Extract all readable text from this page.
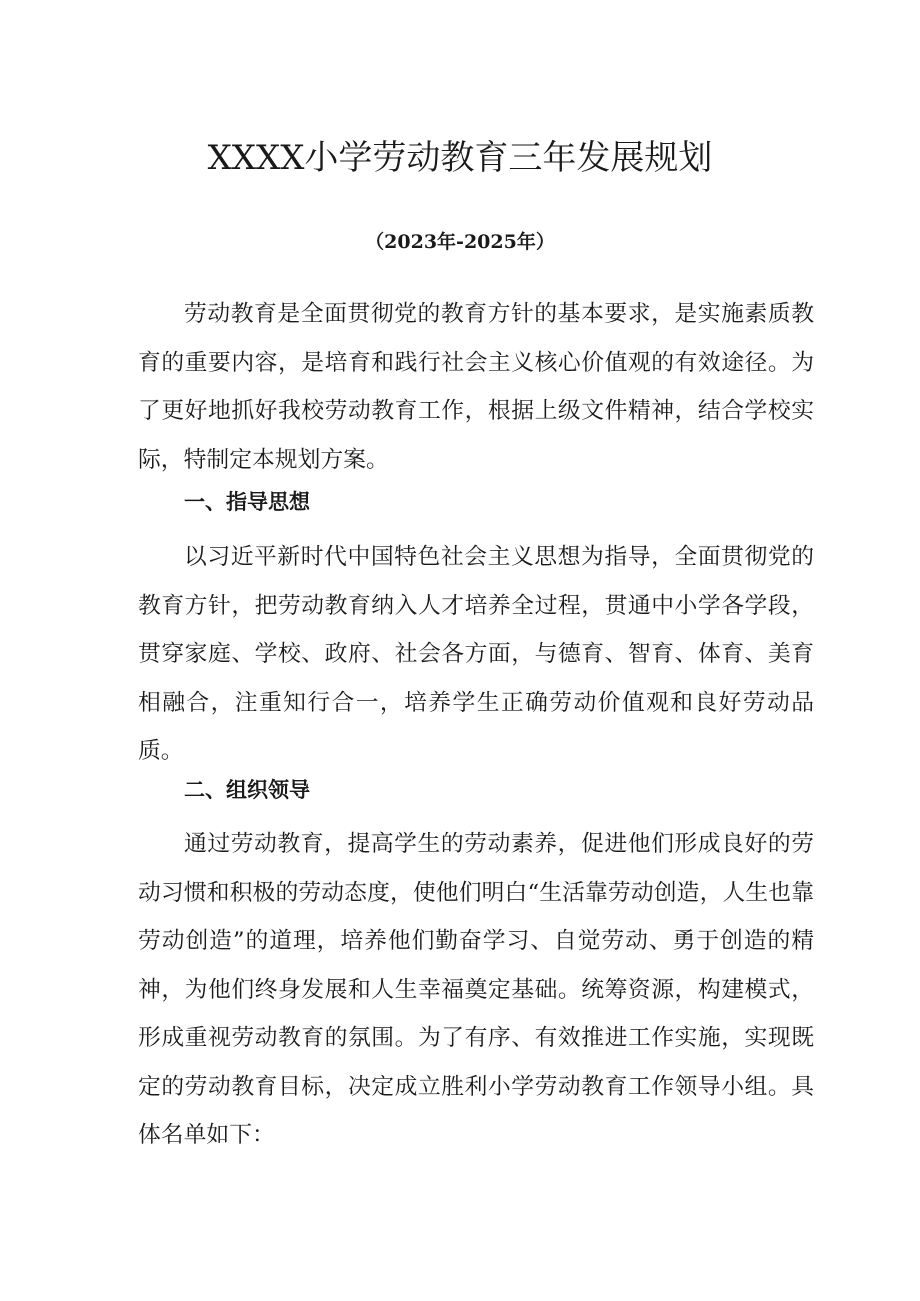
XXXX小学劳动教育三年发展规划

（2023年-2025年）

劳动教育是全面贯彻党的教育方针的基本要求，是实施素质教育的重要内容，是培育和践行社会主义核心价值观的有效途径。为了更好地抓好我校劳动教育工作，根据上级文件精神，结合学校实际，特制定本规划方案。

一、指导思想

以习近平新时代中国特色社会主义思想为指导，全面贯彻党的教育方针，把劳动教育纳入人才培养全过程，贯通中小学各学段，贯穿家庭、学校、政府、社会各方面，与德育、智育、体育、美育相融合，注重知行合一，培养学生正确劳动价值观和良好劳动品质。

二、组织领导

通过劳动教育，提高学生的劳动素养，促进他们形成良好的劳动习惯和积极的劳动态度，使他们明白“生活靠劳动创造，人生也靠劳动创造”的道理，培养他们勤奋学习、自觉劳动、勇于创造的精神，为他们终身发展和人生幸福奠定基础。统筹资源，构建模式，形成重视劳动教育的氛围。为了有序、有效推进工作实施，实现既定的劳动教育目标，决定成立胜利小学劳动教育工作领导小组。具体名单如下：
